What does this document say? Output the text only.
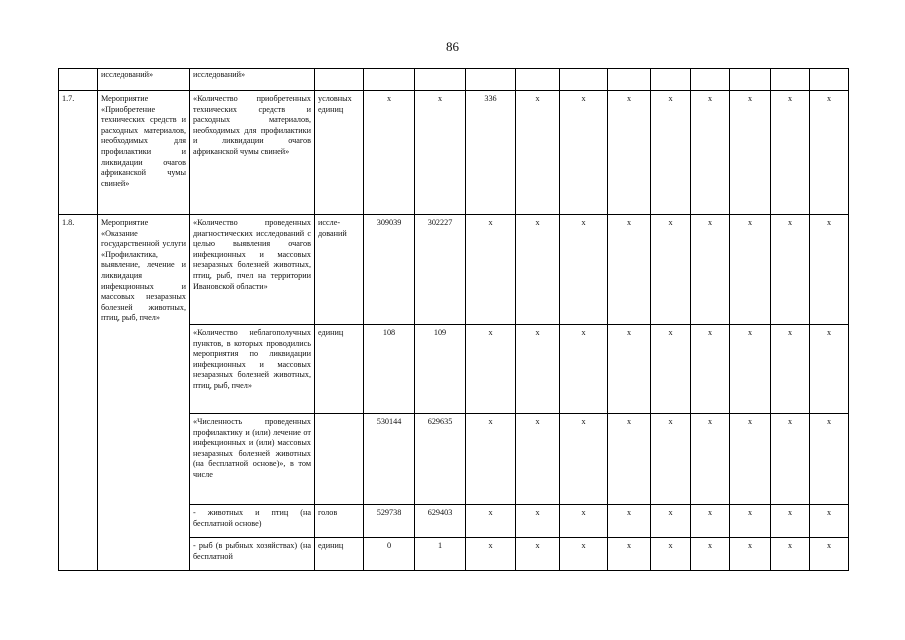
86
	исследований»	исследований»												
1.7.	Мероприятие «Приобретение технических средств и расходных материалов, необходимых для профилактики и ликвидации очагов африканской чумы свиней»	«Количество приобретенных технических средств и расходных материалов, необходимых для профилактики и ликвидации очагов африканской чумы свиней»	условных единиц	х	х	336	х	х	х	х	х	х	х	х
1.8.	Мероприятие «Оказание государственной услуги «Профилактика, выявление, лечение и ликвидация инфекционных и массовых незаразных болезней животных, птиц, рыб, пчел»	«Количество проведенных диагностических исследований с целью выявления очагов инфекционных и массовых незаразных болезней животных, птиц, рыб, пчел на территории Ивановской области»	иссле-дований	309039	302227	х	х	х	х	х	х	х	х	х
		«Количество неблагополучных пунктов, в которых проводились мероприятия по ликвидации инфекционных и массовых незаразных болезней животных, птиц, рыб, пчел»	единиц	108	109	х	х	х	х	х	х	х	х	х
		«Численность проведенных профилактику и (или) лечение от инфекционных и (или) массовых незаразных болезней животных (на бесплатной основе)», в том числе		530144	629635	х	х	х	х	х	х	х	х	х
		- животных и птиц (на бесплатной основе)	голов	529738	629403	х	х	х	х	х	х	х	х	х
		- рыб (в рыбных хозяйствах) (на бесплатной	единиц	0	1	х	х	х	х	х	х	х	х	х
